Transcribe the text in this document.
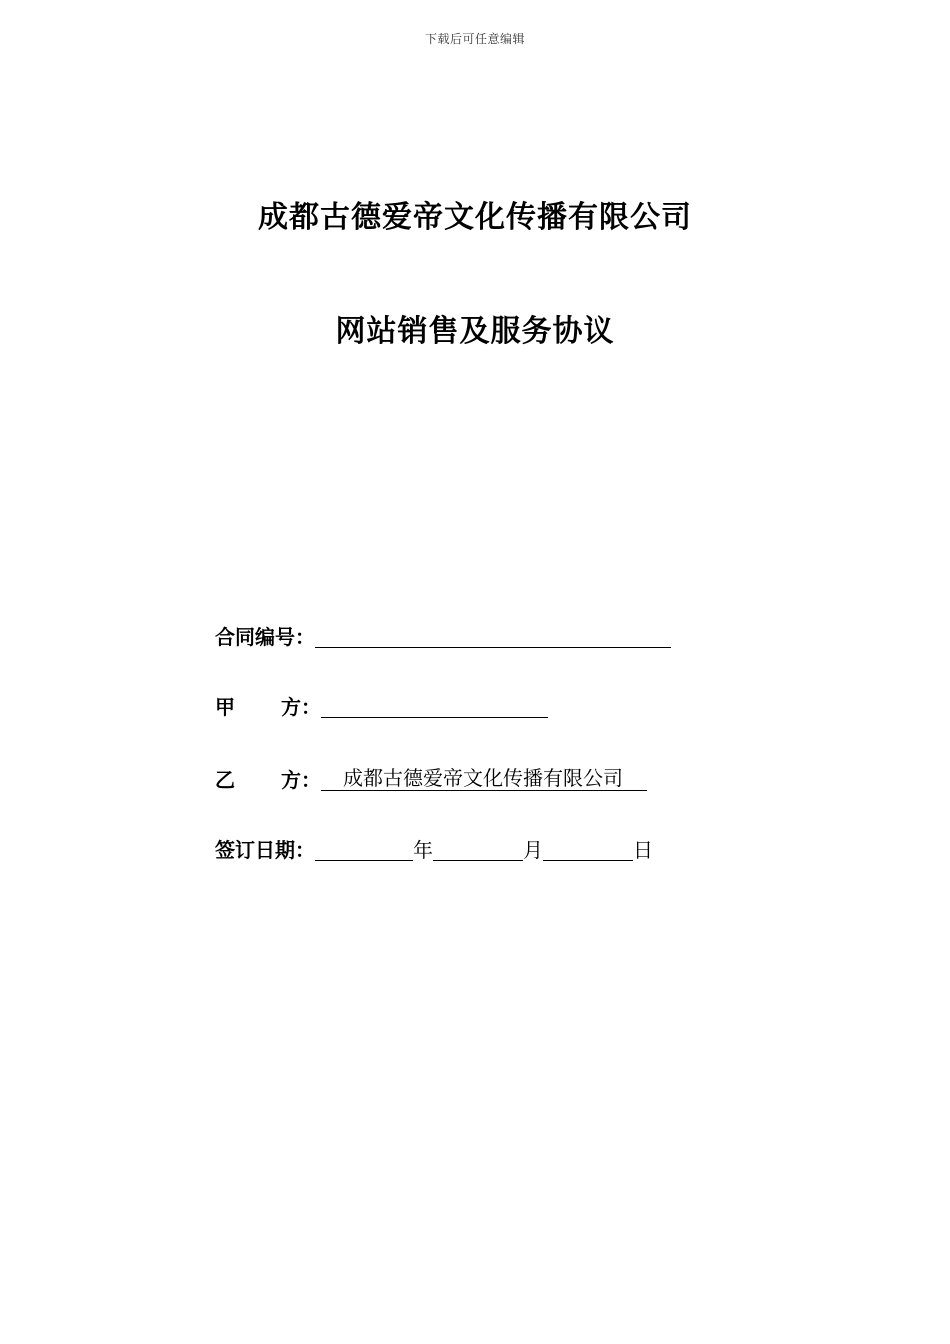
下载后可任意编辑
成都古德爱帝文化传播有限公司
网站销售及服务协议
合同编号：
甲 方：
乙 方：	成都古德爱帝文化传播有限公司
签订日期：	年	月	日
